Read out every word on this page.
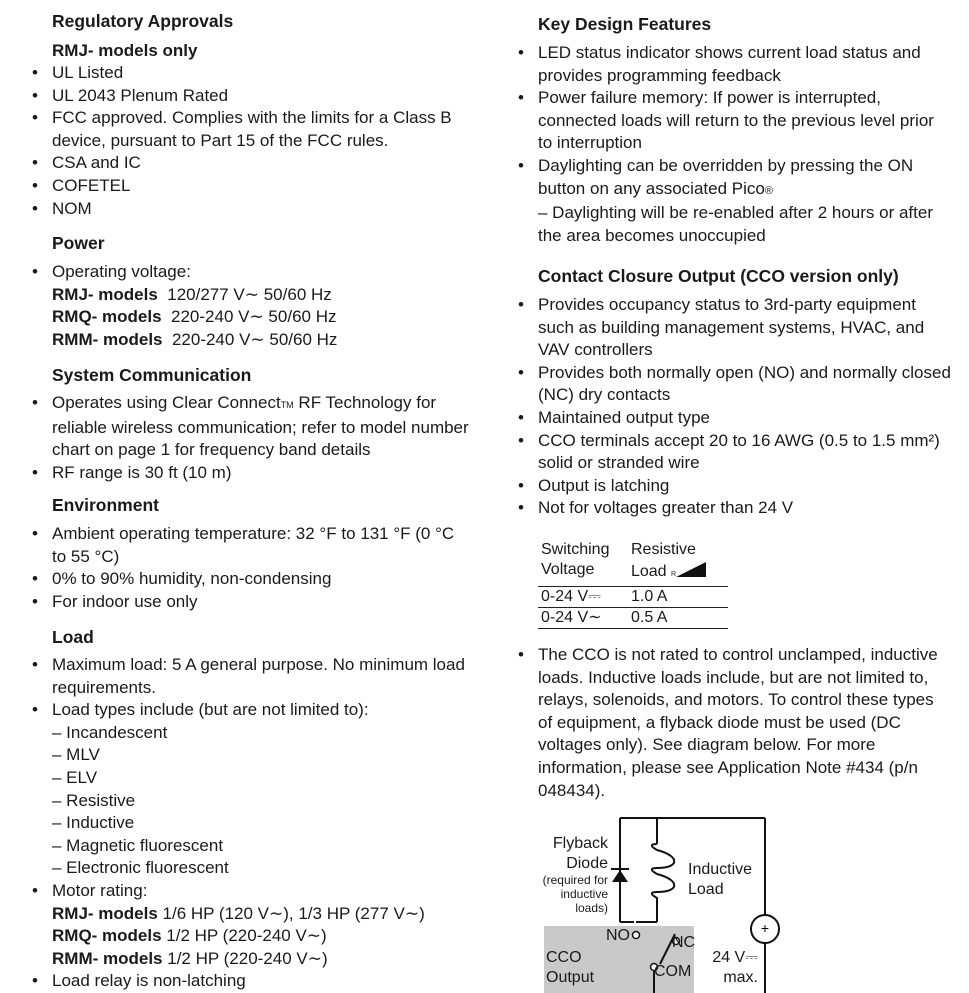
Regulatory Approvals
RMJ- models only
• UL Listed
• UL 2043 Plenum Rated
• FCC approved. Complies with the limits for a Class B device, pursuant to Part 15 of the FCC rules.
• CSA and IC
• COFETEL
• NOM
Power
• Operating voltage:
RMJ- models 120/277 V∼ 50/60 Hz
RMQ- models 220-240 V∼ 50/60 Hz
RMM- models 220-240 V∼ 50/60 Hz
System Communication
• Operates using Clear ConnectTM RF Technology for reliable wireless communication; refer to model number chart on page 1 for frequency band details
• RF range is 30 ft (10 m)
Environment
• Ambient operating temperature: 32 °F to 131 °F (0 °C to 55 °C)
• 0% to 90% humidity, non-condensing
• For indoor use only
Load
• Maximum load: 5 A general purpose. No minimum load requirements.
• Load types include (but are not limited to):
– Incandescent
– MLV
– ELV
– Resistive
– Inductive
– Magnetic fluorescent
– Electronic fluorescent
• Motor rating:
RMJ- models 1/6 HP (120 V∼), 1/3 HP (277 V∼)
RMQ- models 1/2 HP (220-240 V∼)
RMM- models 1/2 HP (220-240 V∼)
• Load relay is non-latching
Key Design Features
• LED status indicator shows current load status and provides programming feedback
• Power failure memory: If power is interrupted, connected loads will return to the previous level prior to interruption
• Daylighting can be overridden by pressing the ON button on any associated Pico®
– Daylighting will be re-enabled after 2 hours or after the area becomes unoccupied
Contact Closure Output (CCO version only)
• Provides occupancy status to 3rd-party equipment such as building management systems, HVAC, and VAV controllers
• Provides both normally open (NO) and normally closed (NC) dry contacts
• Maintained output type
• CCO terminals accept 20 to 16 AWG (0.5 to 1.5 mm²) solid or stranded wire
• Output is latching
• Not for voltages greater than 24 V
Switching
Voltage	Resistive
Load R
0-24 V⎓	1.0 A
0-24 V∼	0.5 A
• The CCO is not rated to control unclamped, inductive loads. Inductive loads include, but are not limited to, relays, solenoids, and motors. To control these types of equipment, a flyback diode must be used (DC voltages only). See diagram below. For more information, please see Application Note #434 (p/n 048434).
+
Flyback
Diode
(required for
inductive
loads)
Inductive
Load
NO	NC
COM
CCO
Output
24 V⎓
max.
